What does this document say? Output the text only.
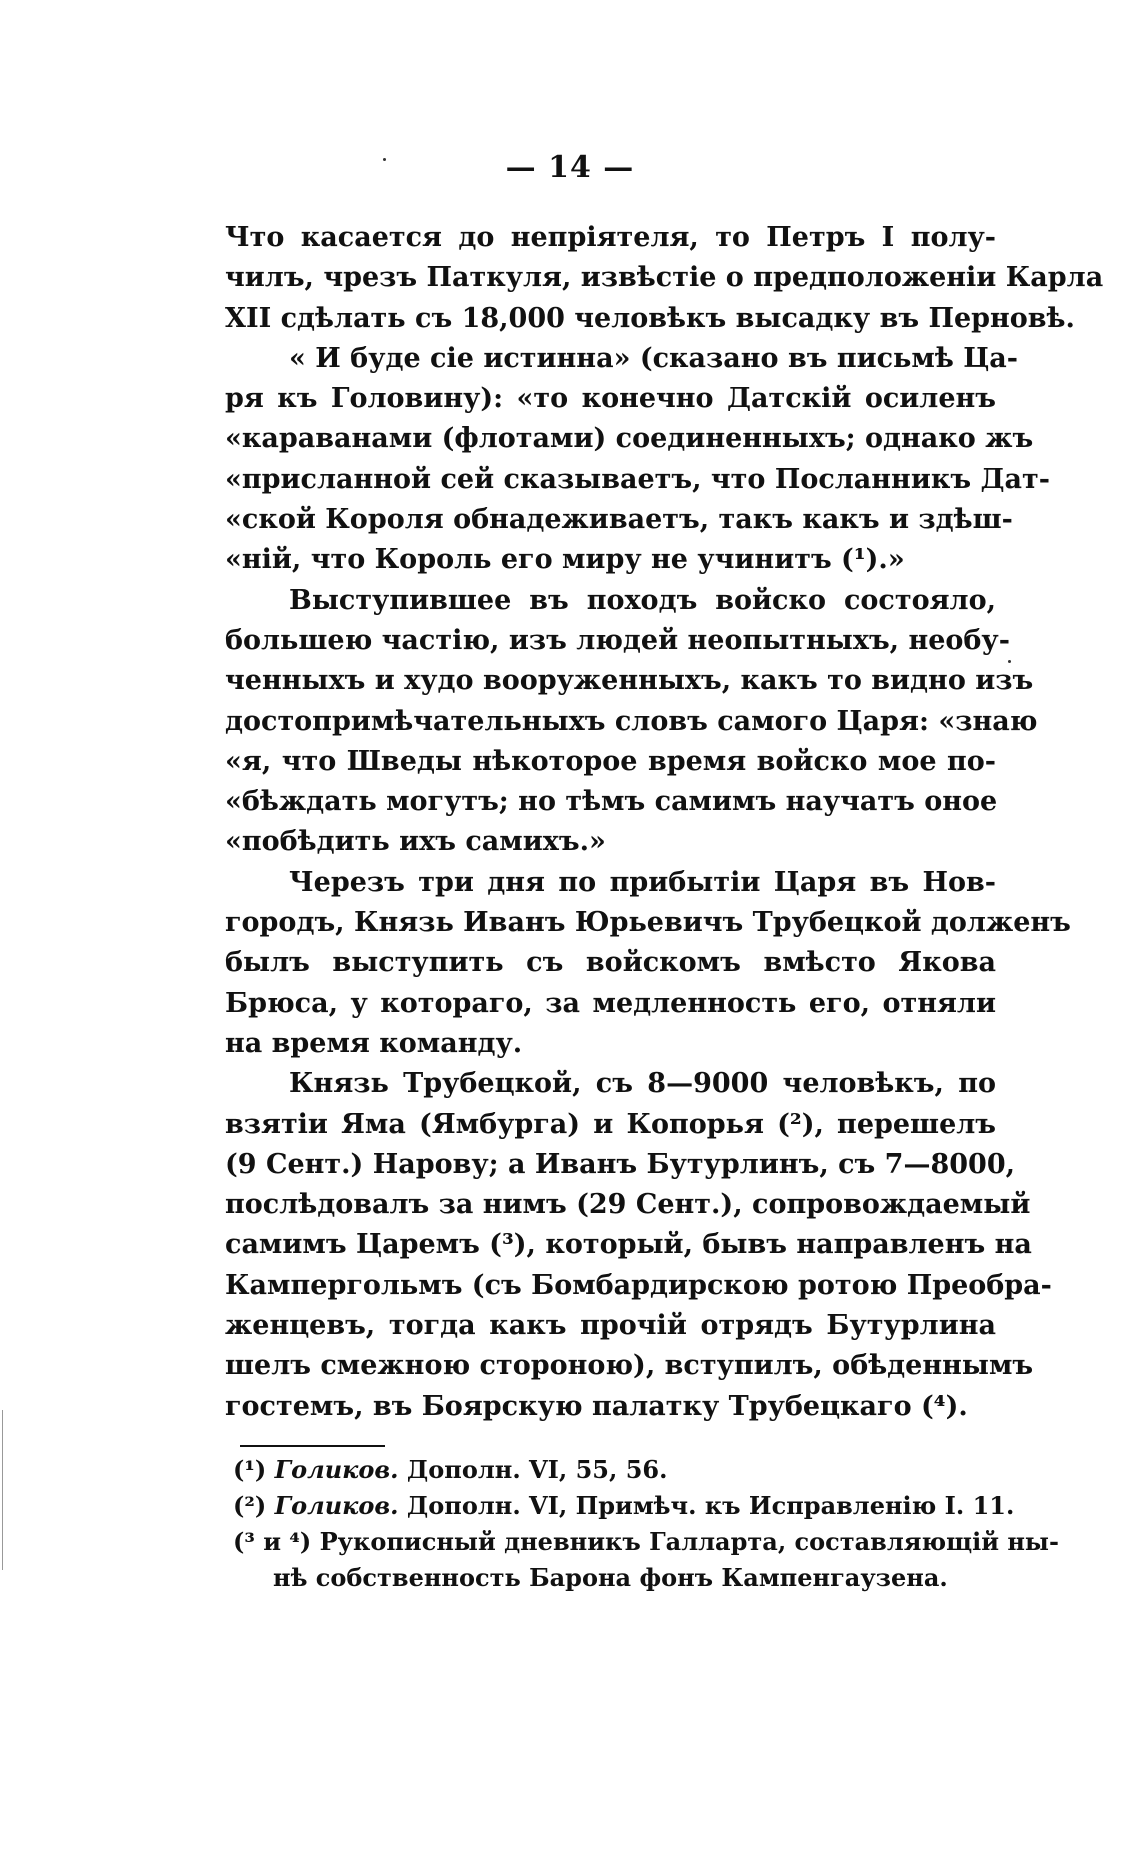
— 14 —
Что касается до непріятеля, то Петръ I полу-
чилъ, чрезъ Паткуля, извѣстіе о предположеніи Карла
XII сдѣлать съ 18,000 человѣкъ высадку въ Перновѣ.
« И буде сіе истинна» (сказано въ письмѣ Ца-
ря къ Головину): «то конечно Датскій осиленъ
«караванами (флотами) соединенныхъ; однако жъ
«присланной сей сказываетъ, что Посланникъ Дат-
«ской Короля обнадеживаетъ, такъ какъ и здѣш-
«ній, что Король его миру не учинитъ (¹).»
Выступившее въ походъ войско состояло,
большею частію, изъ людей неопытныхъ, необу-
ченныхъ и худо вооруженныхъ, какъ то видно изъ
достопримѣчательныхъ словъ самого Царя: «знаю
«я, что Шведы нѣкоторое время войско мое по-
«бѣждать могутъ; но тѣмъ самимъ научатъ оное
«побѣдить ихъ самихъ.»
Черезъ три дня по прибытіи Царя въ Нов-
городъ, Князь Иванъ Юрьевичъ Трубецкой долженъ
былъ выступить съ войскомъ вмѣсто Якова
Брюса, у котораго, за медленность его, отняли
на время команду.
Князь Трубецкой, съ 8—9000 человѣкъ, по
взятіи Яма (Ямбурга) и Копорья (²), перешелъ
(9 Сент.) Нарову; а Иванъ Бутурлинъ, съ 7—8000,
послѣдовалъ за нимъ (29 Сент.), сопровождаемый
самимъ Царемъ (³), который, бывъ направленъ на
Кампергольмъ (съ Бомбардирскою ротою Преобра-
женцевъ, тогда какъ прочій отрядъ Бутурлина
шелъ смежною стороною), вступилъ, обѣденнымъ
гостемъ, въ Боярскую палатку Трубецкаго (⁴).
(¹) Голиков. Дополн. VI, 55, 56.
(²) Голиков. Дополн. VI, Примѣч. къ Исправленію I. 11.
(³ и ⁴) Рукописный дневникъ Галларта, составляющій ны-
нѣ собственность Барона фонъ Кампенгаузена.
